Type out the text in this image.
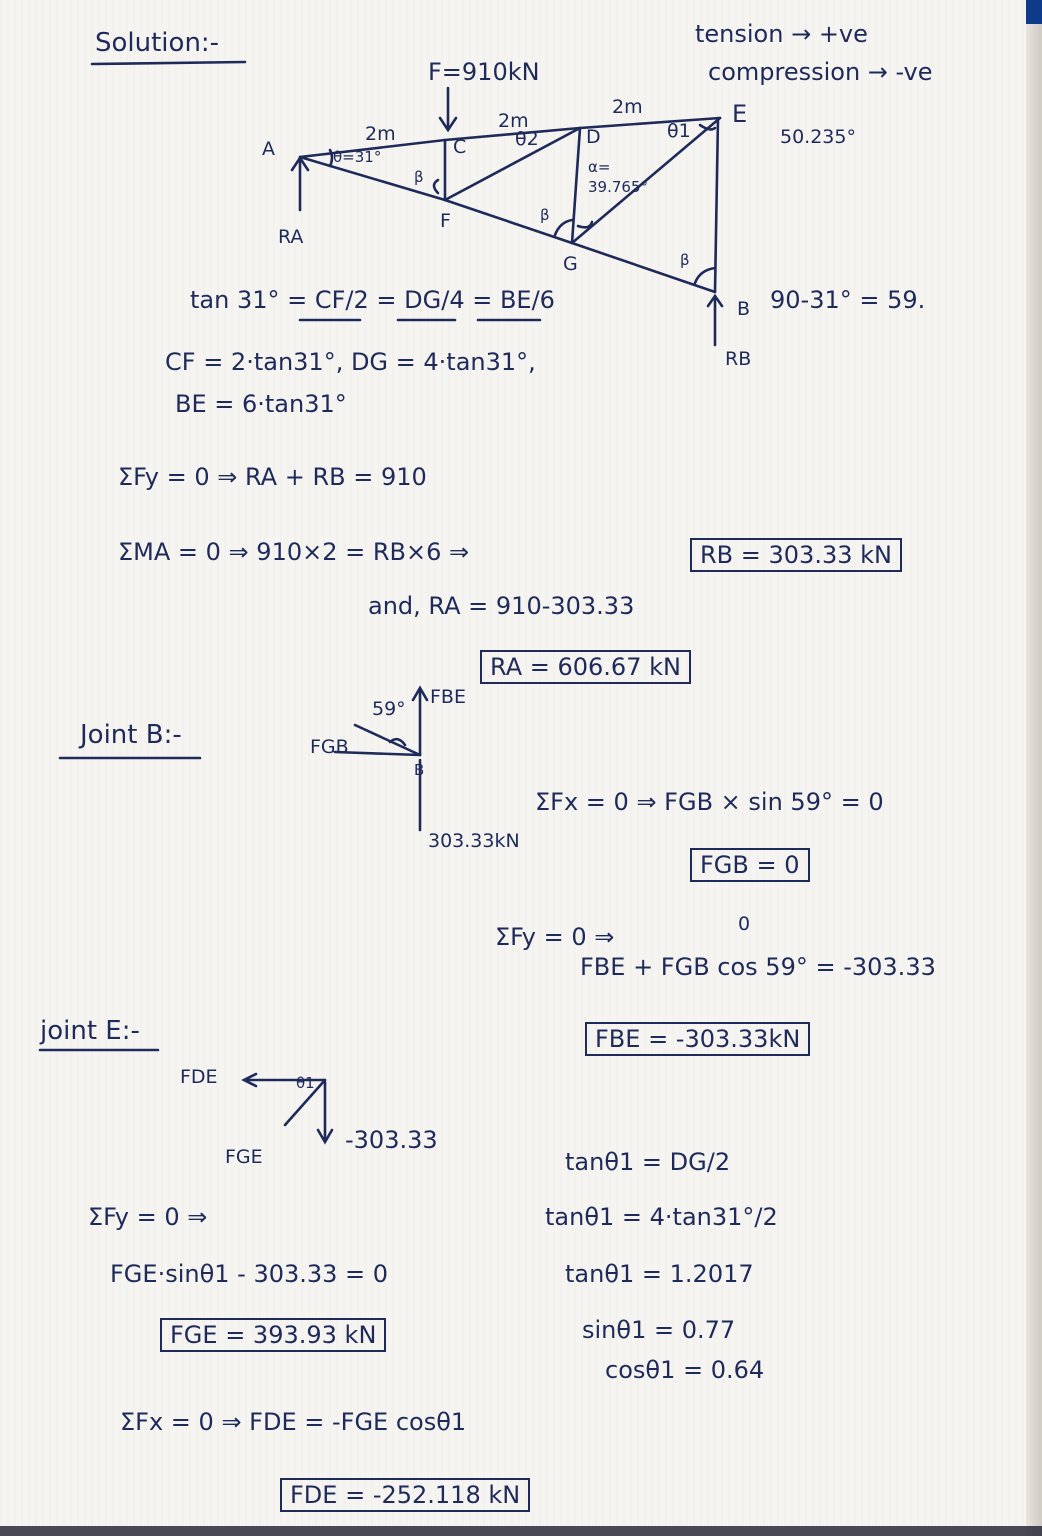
Solution:-	tension → +ve
compression → -ve
F=910kN
2m
2m
2m
A	C	D
E
F
G
B
θ=31°
θ2	θ1
β
β
β
α=
39.765°
50.235°
RA
RB
90-31° = 59.
tan 31° = CF/2 = DG/4 = BE/6
CF = 2·tan31°, DG = 4·tan31°,
BE = 6·tan31°
ΣFy = 0 ⇒ RA + RB = 910
ΣMA = 0 ⇒ 910×2 = RB×6 ⇒	RB = 303.33 kN
and, RA = 910-303.33
RA = 606.67 kN
Joint B:-
FBE
59°
FGB
B
303.33kN
ΣFx = 0 ⇒ FGB × sin 59° = 0
FGB = 0
ΣFy = 0 ⇒	0
FBE + FGB cos 59° = -303.33
FBE = -303.33kN
joint E:-
FDE	θ1
FGE
-303.33
tanθ1 = DG/2
tanθ1 = 4·tan31°/2
tanθ1 = 1.2017
sinθ1 = 0.77
cosθ1 = 0.64
ΣFy = 0 ⇒
FGE·sinθ1 - 303.33 = 0
FGE = 393.93 kN
ΣFx = 0 ⇒ FDE = -FGE cosθ1
FDE = -252.118 kN
